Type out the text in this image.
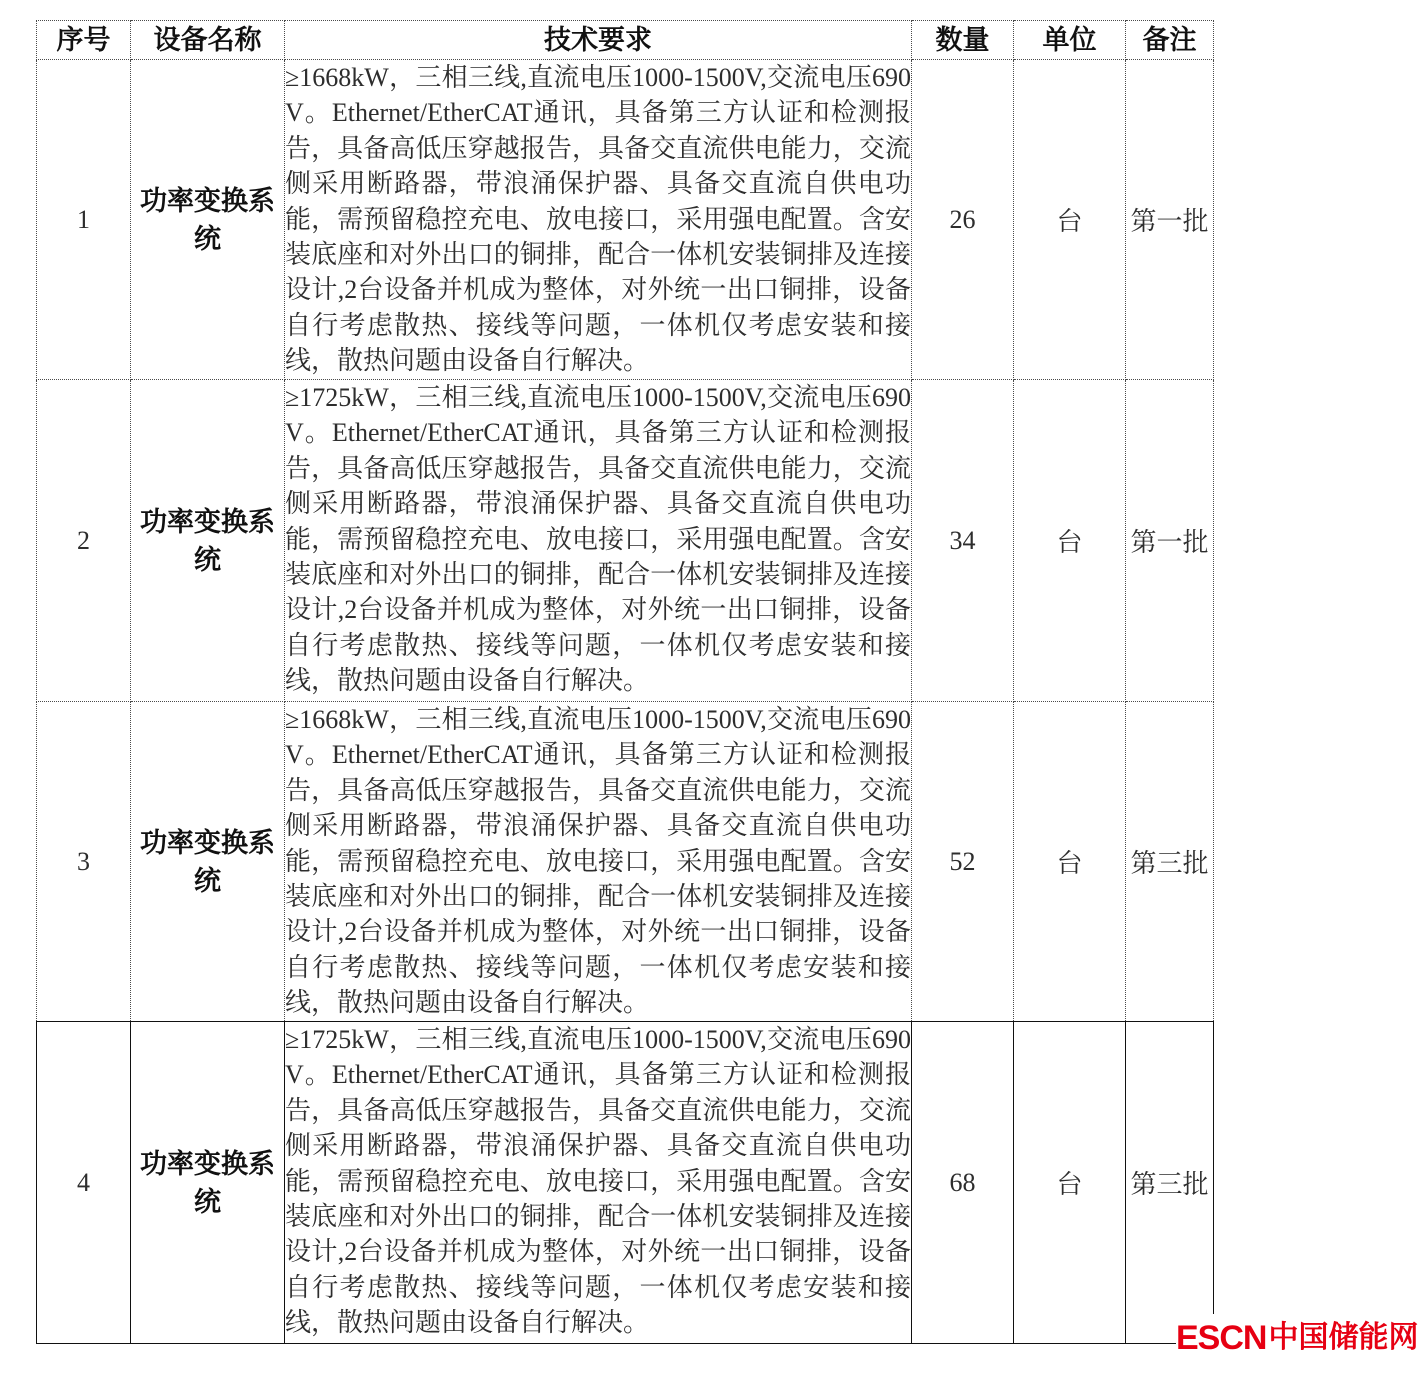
序号	设备名称	技术要求	数量	单位	备注
1	功率变换系统	≥1668kW，三相三线,直流电压1000-1500V,交流电压690V。Ethernet/EtherCAT通讯，具备第三方认证和检测报告，具备高低压穿越报告，具备交直流供电能力，交流侧采用断路器，带浪涌保护器、具备交直流自供电功能，需预留稳控充电、放电接口，采用强电配置。含安装底座和对外出口的铜排，配合一体机安装铜排及连接设计,2台设备并机成为整体，对外统一出口铜排，设备自行考虑散热、接线等问题，一体机仅考虑安装和接线，散热问题由设备自行解决。	26	台	第一批
2	功率变换系统	≥1725kW，三相三线,直流电压1000-1500V,交流电压690V。Ethernet/EtherCAT通讯，具备第三方认证和检测报告，具备高低压穿越报告，具备交直流供电能力，交流侧采用断路器，带浪涌保护器、具备交直流自供电功能，需预留稳控充电、放电接口，采用强电配置。含安装底座和对外出口的铜排，配合一体机安装铜排及连接设计,2台设备并机成为整体，对外统一出口铜排，设备自行考虑散热、接线等问题，一体机仅考虑安装和接线，散热问题由设备自行解决。	34	台	第一批
3	功率变换系统	≥1668kW，三相三线,直流电压1000-1500V,交流电压690V。Ethernet/EtherCAT通讯，具备第三方认证和检测报告，具备高低压穿越报告，具备交直流供电能力，交流侧采用断路器，带浪涌保护器、具备交直流自供电功能，需预留稳控充电、放电接口，采用强电配置。含安装底座和对外出口的铜排，配合一体机安装铜排及连接设计,2台设备并机成为整体，对外统一出口铜排，设备自行考虑散热、接线等问题，一体机仅考虑安装和接线，散热问题由设备自行解决。	52	台	第三批
4	功率变换系统	≥1725kW，三相三线,直流电压1000-1500V,交流电压690V。Ethernet/EtherCAT通讯，具备第三方认证和检测报告，具备高低压穿越报告，具备交直流供电能力，交流侧采用断路器，带浪涌保护器、具备交直流自供电功能，需预留稳控充电、放电接口，采用强电配置。含安装底座和对外出口的铜排，配合一体机安装铜排及连接设计,2台设备并机成为整体，对外统一出口铜排，设备自行考虑散热、接线等问题，一体机仅考虑安装和接线，散热问题由设备自行解决。	68	台	第三批
ESCN 中国储能网
